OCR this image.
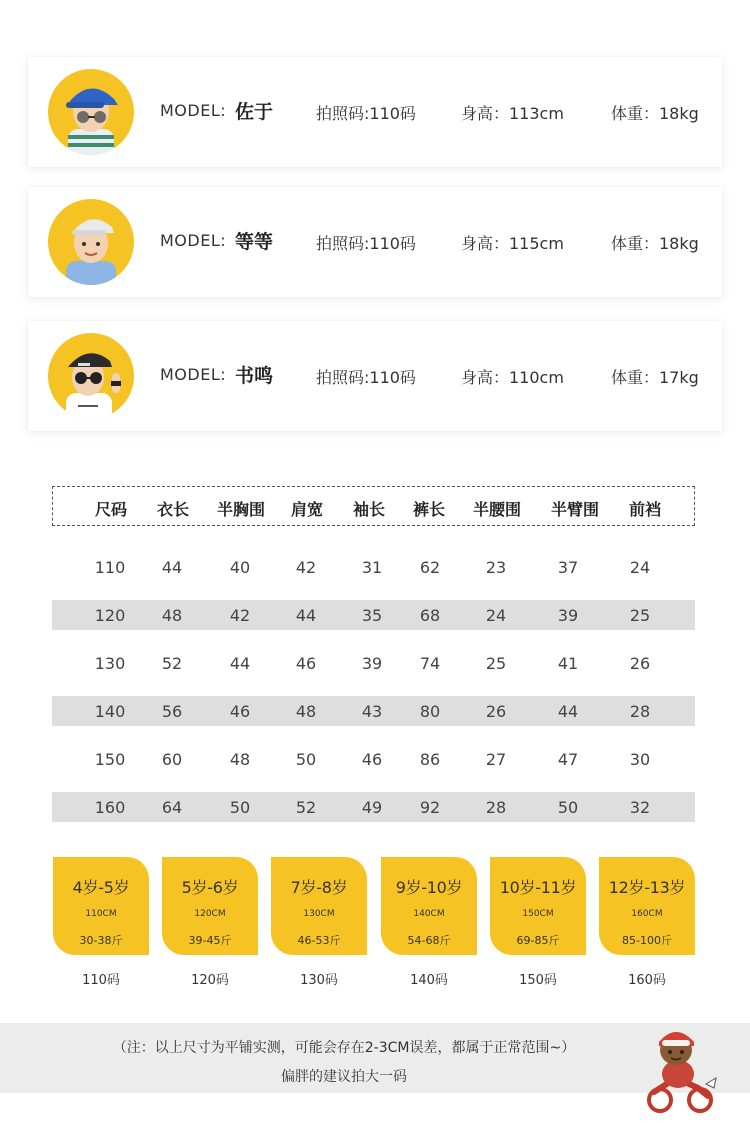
MODEL: 佐于	拍照码:110码	身高：113cm	体重：18kg
MODEL: 等等	拍照码:110码	身高：115cm	体重：18kg
MODEL: 书鸣	拍照码:110码	身高：110cm	体重：17kg
尺码 衣长 半胸围 肩宽 袖长 裤长 半腰围 半臂围 前裆
110 44	40	42	31 62	23	37	24
120 48	42	44	35 68	24	39	25
130 52	44	46	39 74	25	41	26
140 56	46	48	43 80	26	44	28
150 60	48	50	46 86	27	47	30
160 64	50	52	49 92	28	50	32
4岁-5岁
110CM
30-38斤
110码
5岁-6岁
120CM
39-45斤
120码
7岁-8岁
130CM
46-53斤
130码
9岁-10岁
140CM
54-68斤
140码
10岁-11岁
150CM
69-85斤
150码
12岁-13岁
160CM
85-100斤
160码
（注：以上尺寸为平铺实测，可能会存在2-3CM误差，都属于正常范围~）
偏胖的建议拍大一码
